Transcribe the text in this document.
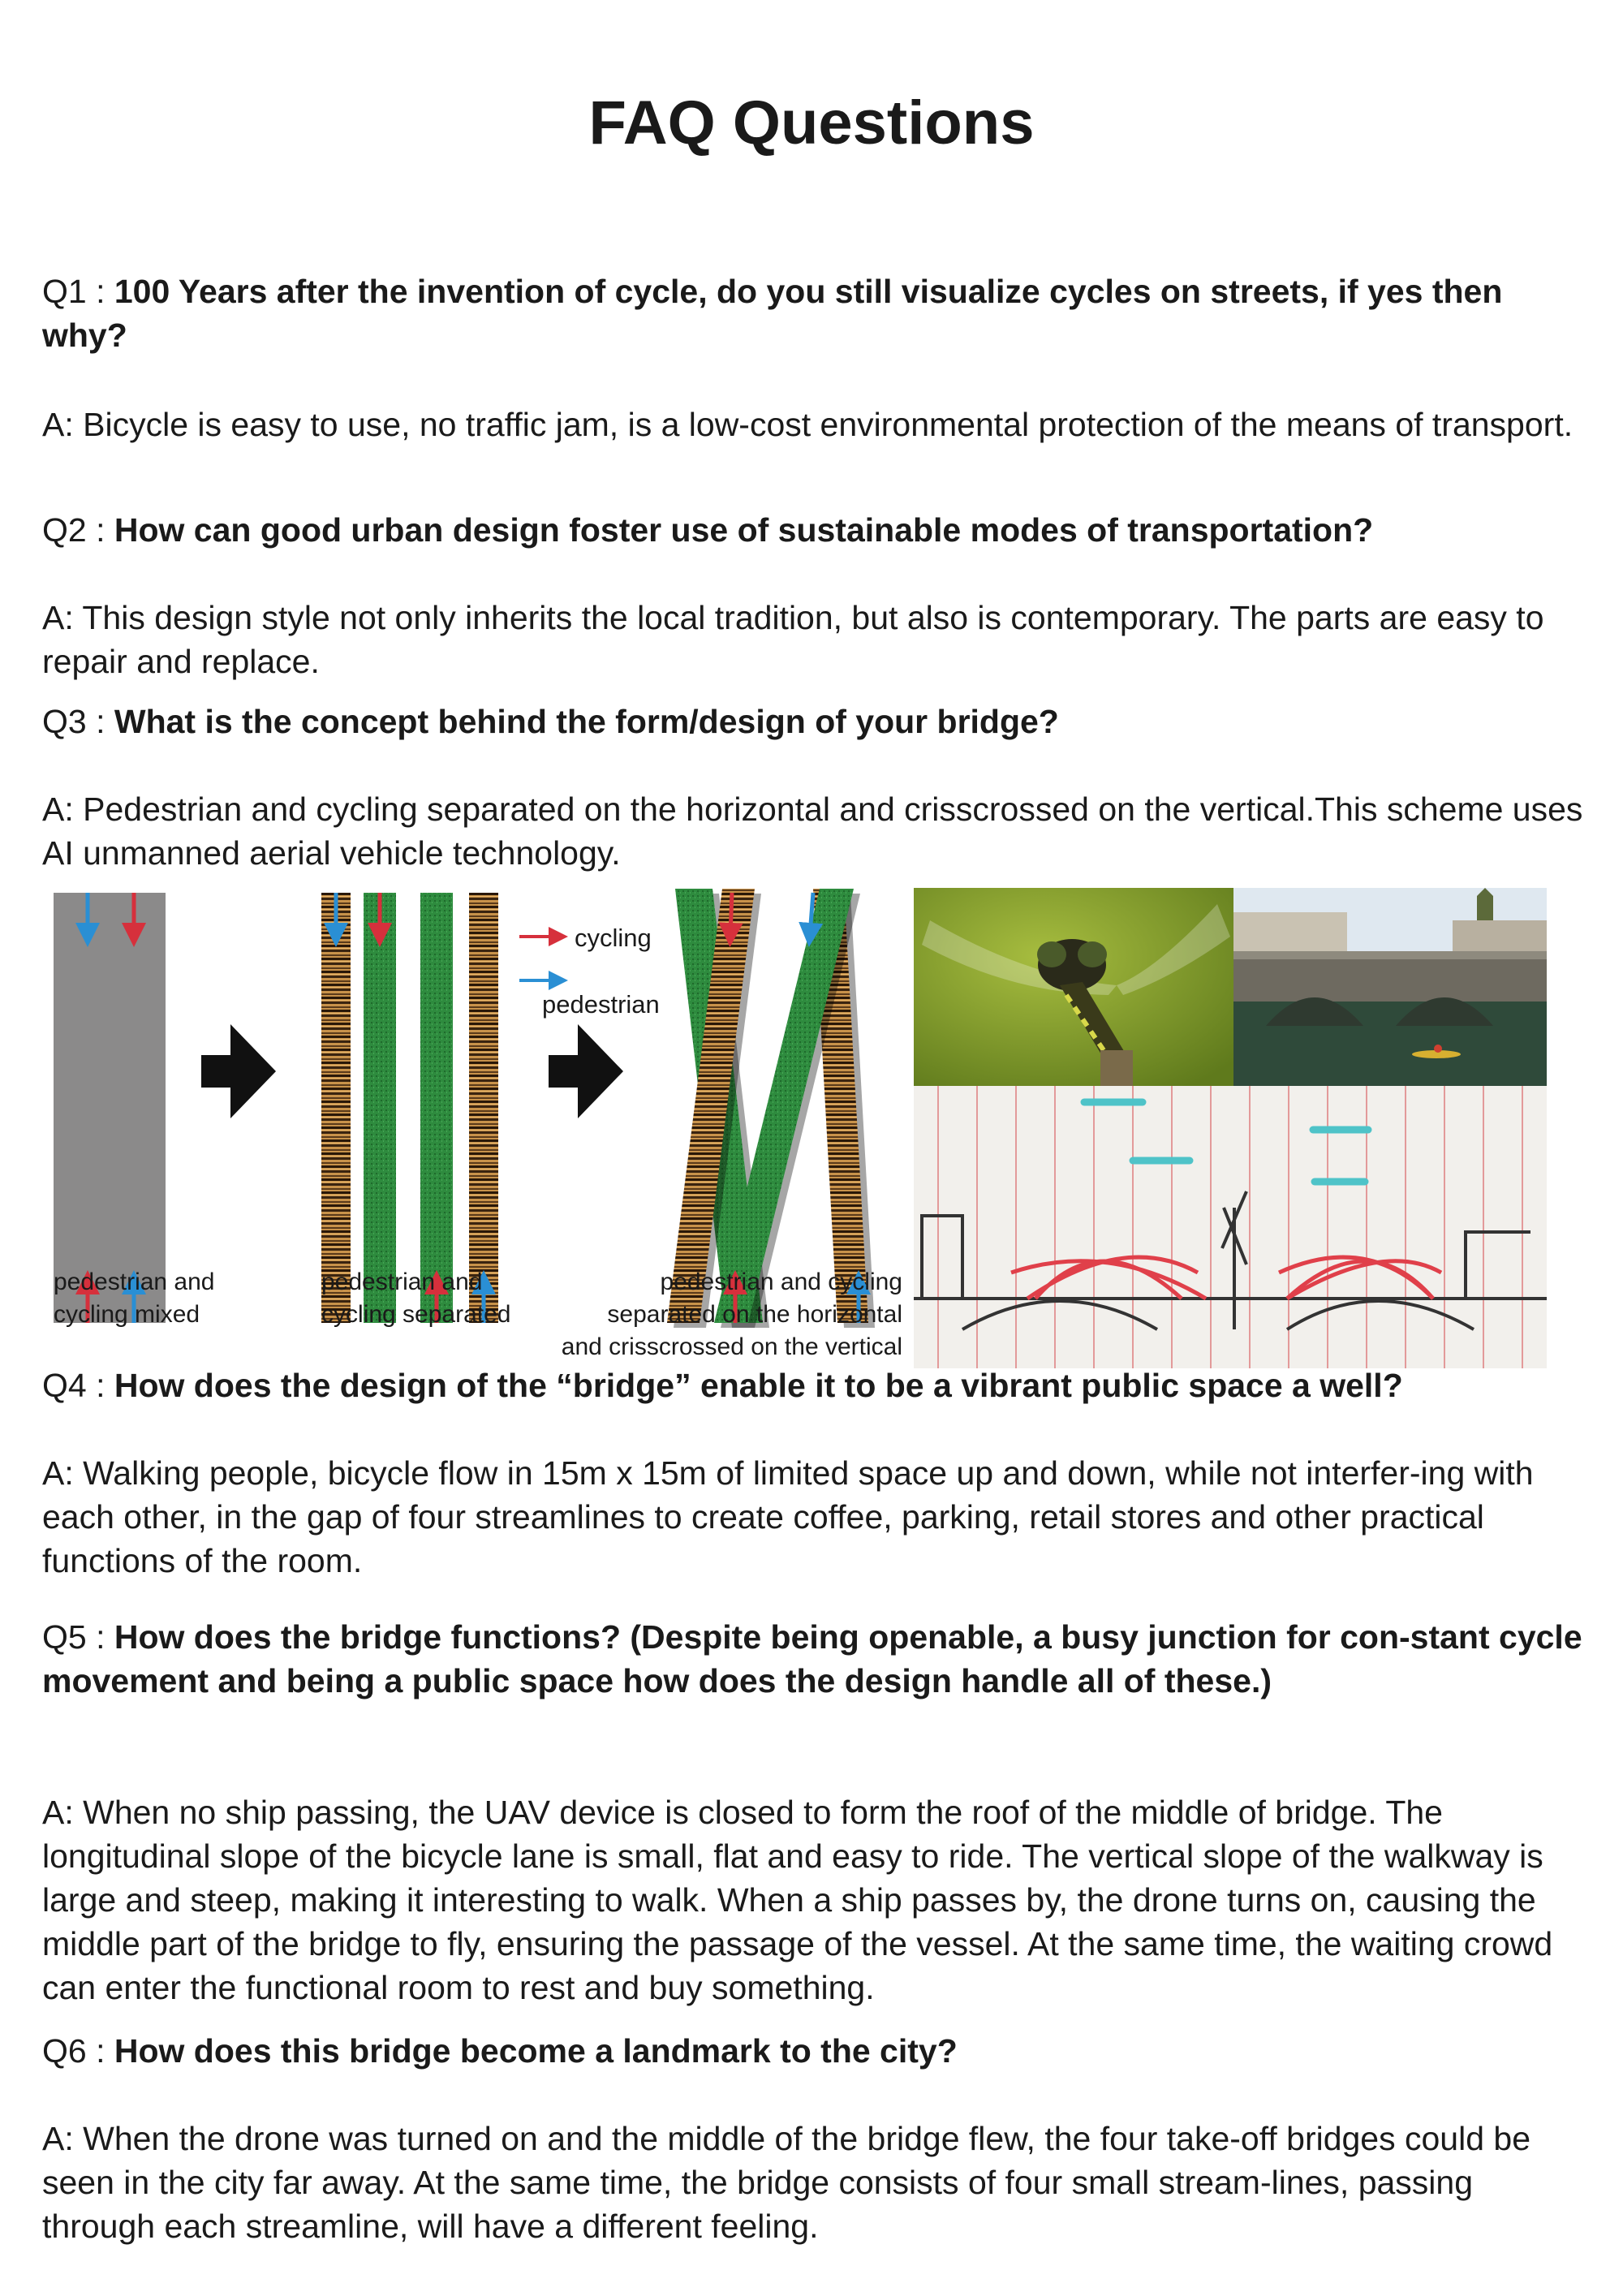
FAQ Questions
Q1 : 100 Years after the invention of cycle, do you still visualize cycles on streets, if yes then why?
A: Bicycle is easy to use, no traffic jam, is a low-cost environmental protection of the means of transport.
Q2 : How can good urban design foster use of sustainable modes of transportation?
A: This design style not only inherits the local tradition, but also is contemporary. The parts are easy to repair and replace.
Q3 : What is the concept behind the form/design of your bridge?
A: Pedestrian and cycling separated on the horizontal and crisscrossed on the vertical.This scheme uses AI unmanned aerial vehicle technology.
cycling
pedestrian
pedestrian and
cycling mixed
pedestrian and
cycling separated
pedestrian and cycling
separated on the horizontal
and crisscrossed on the vertical
Q4 : How does the design of the “bridge” enable it to be a vibrant public space a well?
A: Walking people, bicycle flow in 15m x 15m of limited space up and down, while not interfer-ing with each other, in the gap of four streamlines to create coffee, parking, retail stores and other practical functions of the room.
Q5 : How does the bridge functions? (Despite being openable, a busy junction for con-stant cycle movement and being a public space how does the design handle all of these.)
A: When no ship passing, the UAV device is closed to form the roof of the middle of bridge. The longitudinal slope of the bicycle lane is small, flat and easy to ride. The vertical slope of the walkway is large and steep, making it interesting to walk. When a ship passes by, the drone turns on, causing the middle part of the bridge to fly, ensuring the passage of the vessel. At the same time, the waiting crowd can enter the functional room to rest and buy something.
Q6 : How does this bridge become a landmark to the city?
A: When the drone was turned on and the middle of the bridge flew, the four take-off bridges could be seen in the city far away. At the same time, the bridge consists of four small stream-lines, passing through each streamline, will have a different feeling.
